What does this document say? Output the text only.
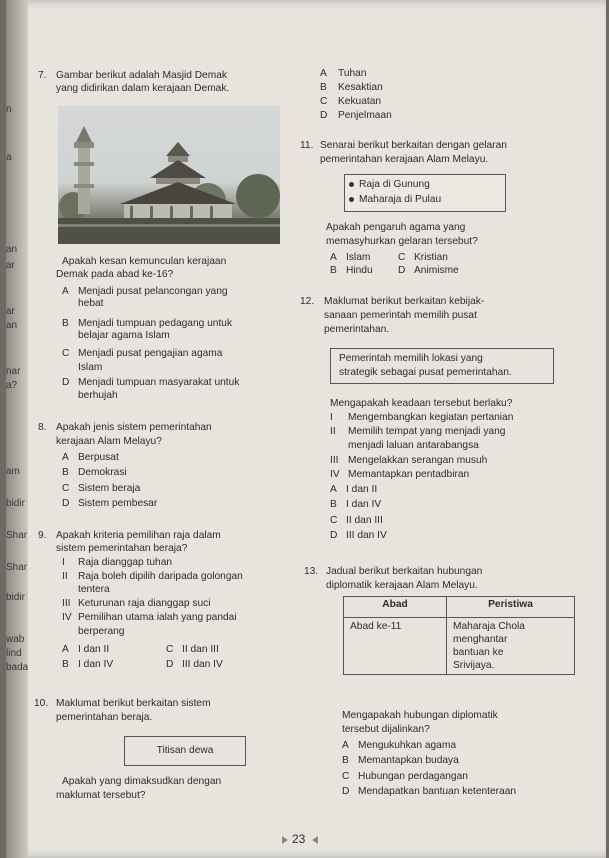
n
a
an
ar
ar
an
nar
a?
am
bidir
Shar
Shar
bidir
wab
lind
bada
7. Gambar berikut adalah Masjid Demak
yang didirikan dalam kerajaan Demak.
Apakah kesan kemunculan kerajaan
Demak pada abad ke-16?
A Menjadi pusat pelancongan yang
hebat
B Menjadi tumpuan pedagang untuk
belajar agama Islam
C Menjadi pusat pengajian agama
Islam
D Menjadi tumpuan masyarakat untuk
berhujah
8. Apakah jenis sistem pemerintahan
kerajaan Alam Melayu?
A Berpusat
B Demokrasi
C Sistem beraja
D Sistem pembesar
9. Apakah kriteria pemilihan raja dalam
sistem pemerintahan beraja?
I Raja dianggap tuhan
II Raja boleh dipilih daripada golongan
tentera
III Keturunan raja dianggap suci
IV Pemilihan utama ialah yang pandai
berperang
A I dan II	C II dan III
B I dan IV	D III dan IV
10. Maklumat berikut berkaitan sistem
pemerintahan beraja.
Titisan dewa
Apakah yang dimaksudkan dengan
maklumat tersebut?
A Tuhan
B Kesaktian
C Kekuatan
D Penjelmaan
11. Senarai berikut berkaitan dengan gelaran
pemerintahan kerajaan Alam Melayu.
Raja di Gunung
Maharaja di Pulau
Apakah pengaruh agama yang
memasyhurkan gelaran tersebut?
A Islam	C Kristian
B Hindu D Animisme
12. Maklumat berikut berkaitan kebijak-
sanaan pemerintah memilih pusat
pemerintahan.
Pemerintah memilih lokasi yang
strategik sebagai pusat pemerintahan.
Mengapakah keadaan tersebut berlaku?
I Mengembangkan kegiatan pertanian
II Memilih tempat yang menjadi yang
menjadi laluan antarabangsa
III Mengelakkan serangan musuh
IV Memantapkan pentadbiran
A I dan II
B I dan IV
C II dan III
D III dan IV
13. Jadual berikut berkaitan hubungan
diplomatik kerajaan Alam Melayu.
Abad	Peristiwa
Abad ke-11	Maharaja Chola
menghantar
bantuan ke
Srivijaya.
Mengapakah hubungan diplomatik
tersebut dijalinkan?
A Mengukuhkan agama
B Memantapkan budaya
C Hubungan perdagangan
D Mendapatkan bantuan ketenteraan
23
